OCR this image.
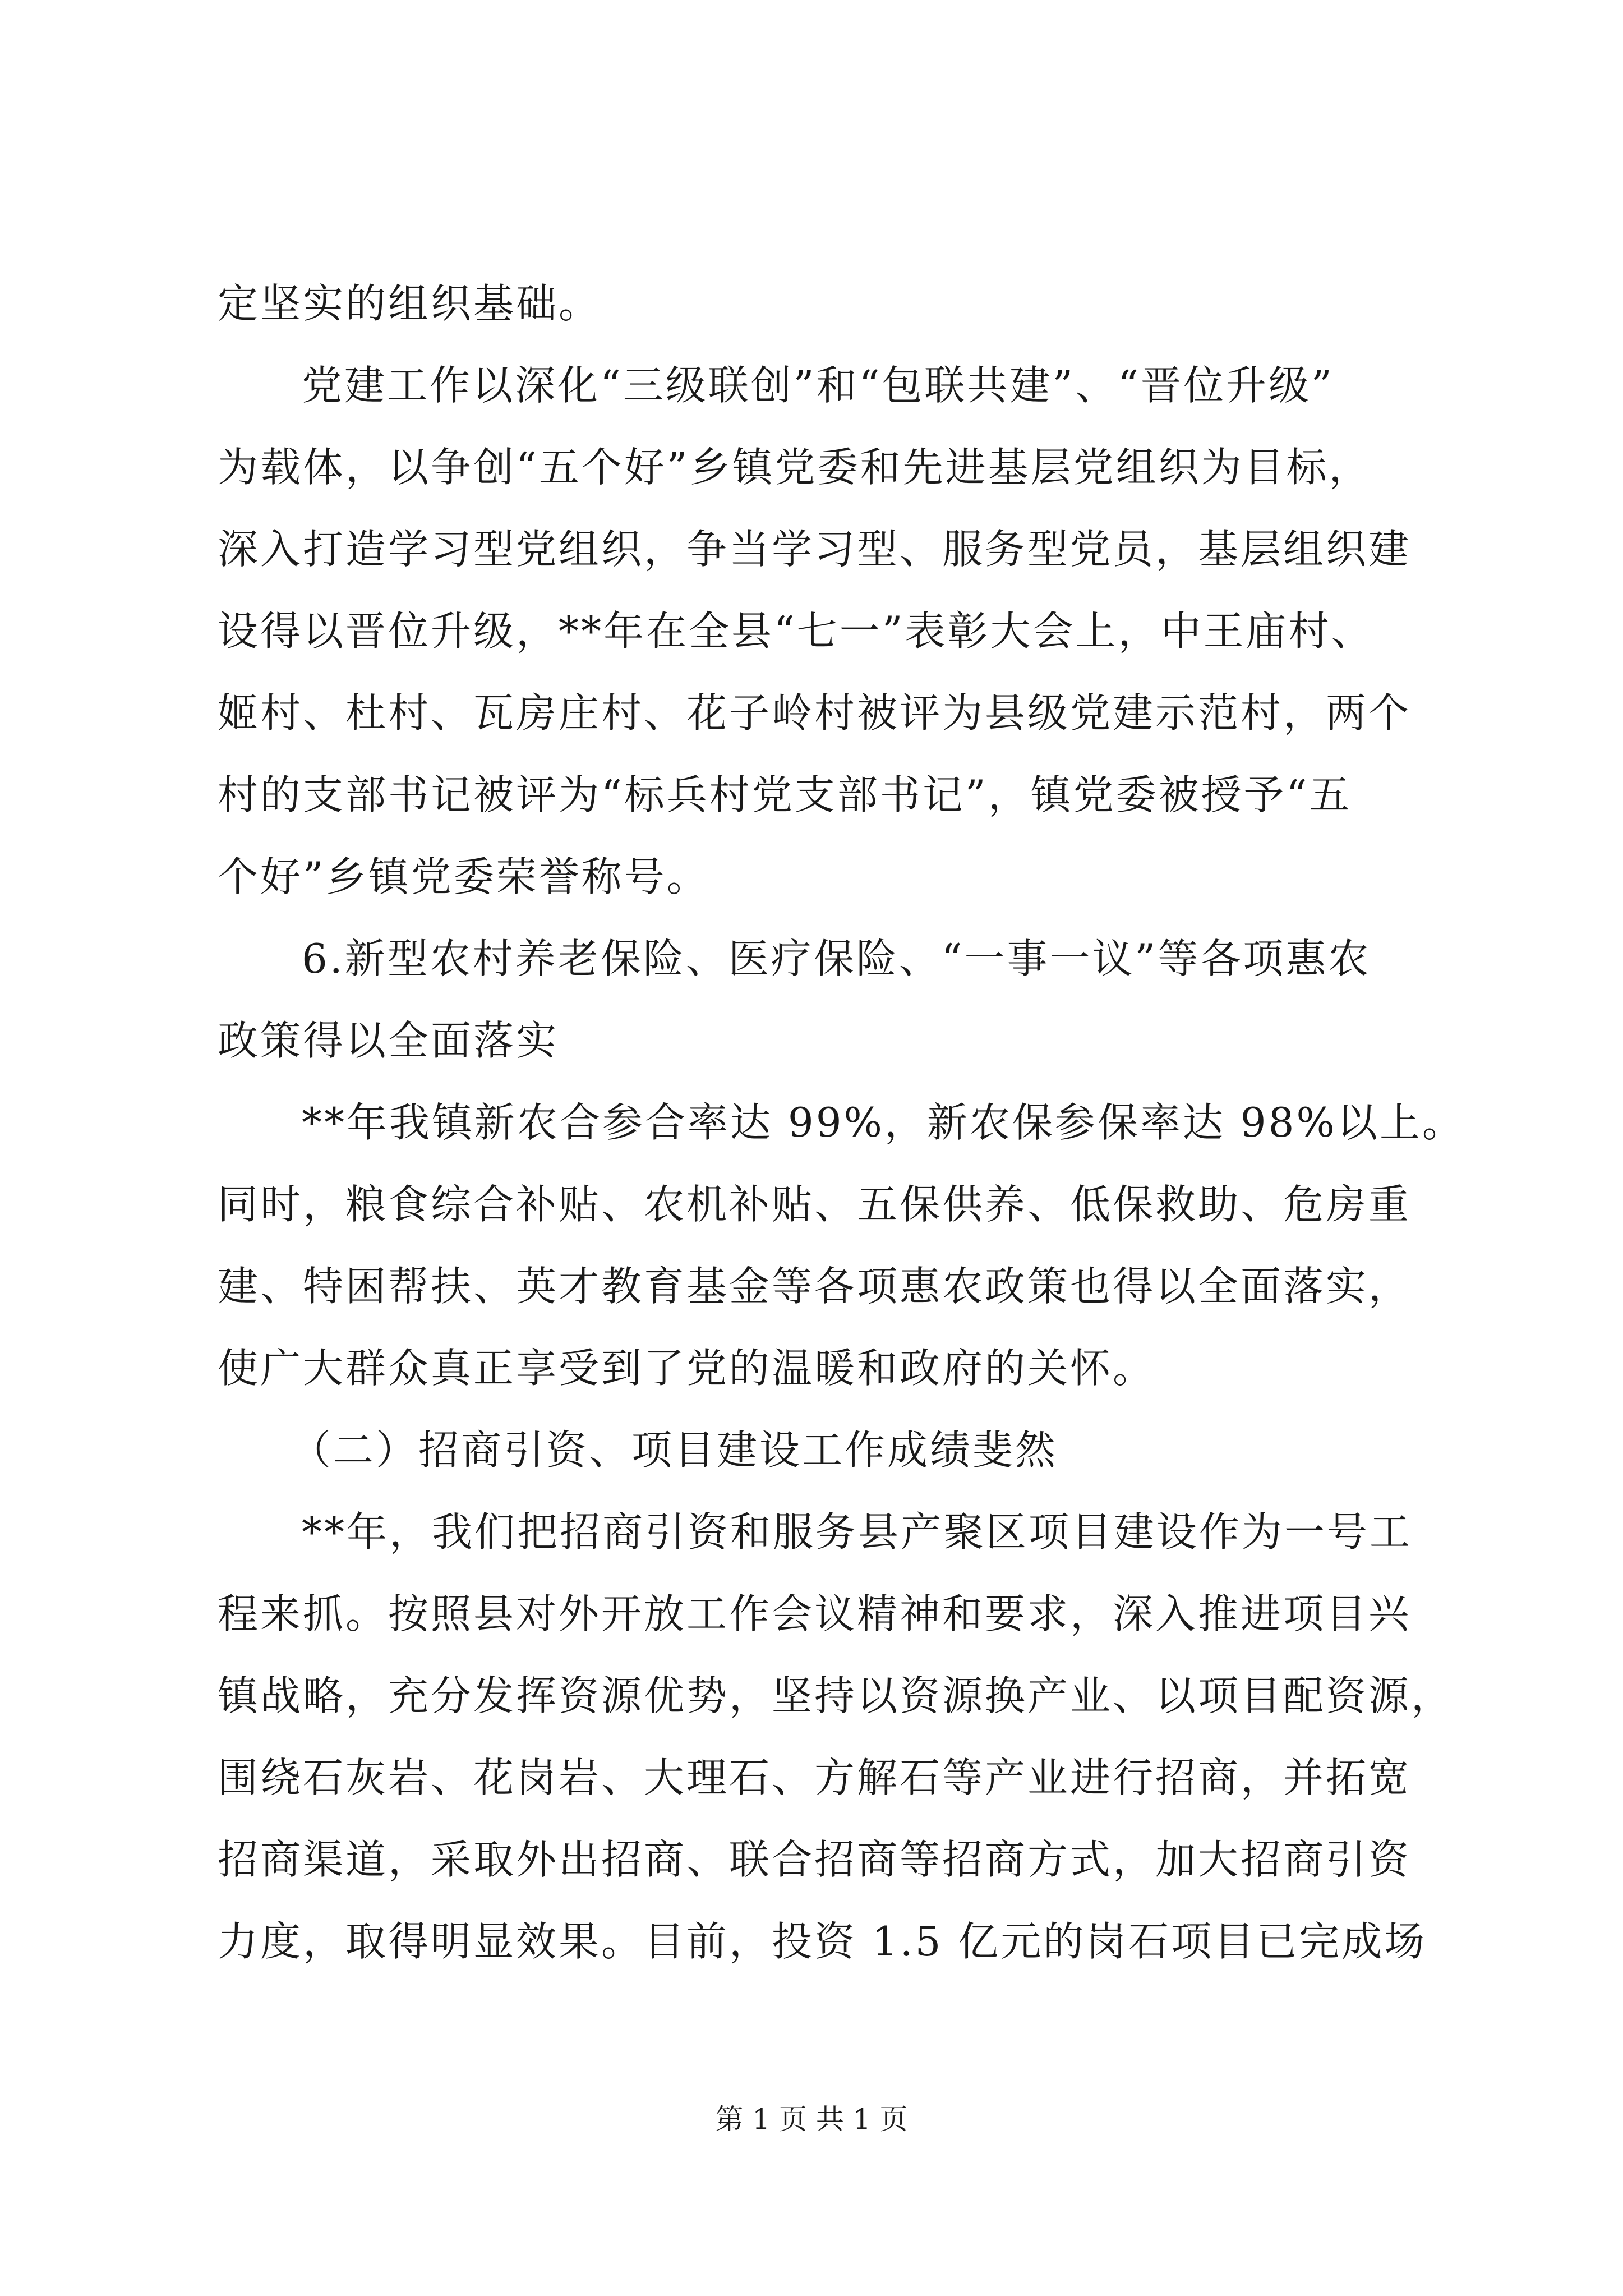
定坚实的组织基础。
党建工作以深化“三级联创”和“包联共建”、“晋位升级”
为载体，以争创“五个好”乡镇党委和先进基层党组织为目标，
深入打造学习型党组织，争当学习型、服务型党员，基层组织建
设得以晋位升级，**年在全县“七一”表彰大会上，中王庙村、
姬村、杜村、瓦房庄村、花子岭村被评为县级党建示范村，两个
村的支部书记被评为“标兵村党支部书记”，镇党委被授予“五
个好”乡镇党委荣誉称号。
6.新型农村养老保险、医疗保险、“一事一议”等各项惠农
政策得以全面落实
**年我镇新农合参合率达 99%，新农保参保率达 98%以上。
同时，粮食综合补贴、农机补贴、五保供养、低保救助、危房重
建、特困帮扶、英才教育基金等各项惠农政策也得以全面落实，
使广大群众真正享受到了党的温暖和政府的关怀。
（二）招商引资、项目建设工作成绩斐然
**年，我们把招商引资和服务县产聚区项目建设作为一号工
程来抓。按照县对外开放工作会议精神和要求，深入推进项目兴
镇战略，充分发挥资源优势，坚持以资源换产业、以项目配资源，
围绕石灰岩、花岗岩、大理石、方解石等产业进行招商，并拓宽
招商渠道，采取外出招商、联合招商等招商方式，加大招商引资
力度，取得明显效果。目前，投资 1.5 亿元的岗石项目已完成场
第 1 页 共 1 页
